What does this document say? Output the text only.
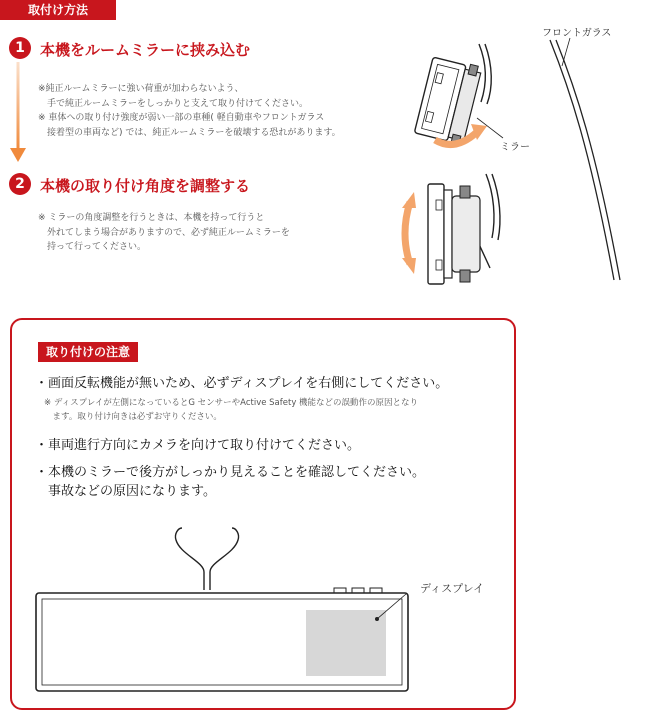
取付け方法
1	本機をルームミラーに挟み込む
※純正ルームミラーに強い荷重が加わらないよう、
　手で純正ルームミラーをしっかりと支えて取り付けてください。
※ 車体への取り付け強度が弱い一部の車種( 軽自動車やフロントガラス
　接着型の車両など) では、純正ルームミラーを破壊する恐れがあります。
2	本機の取り付け角度を調整する
※ ミラーの角度調整を行うときは、本機を持って行うと
　外れてしまう場合がありますので、必ず純正ルームミラーを
　持って行ってください。
ミラー
フロントガラス
取り付けの注意
・画面反転機能が無いため、必ずディスプレイを右側にしてください。
※ ディスプレイが左側になっているとG センサーやActive Safety 機能などの誤動作の原因となり
　ます。取り付け向きは必ずお守りください。
・車両進行方向にカメラを向けて取り付けてください。
・本機のミラーで後方がしっかり見えることを確認してください。
　事故などの原因になります。
ディスプレイ
